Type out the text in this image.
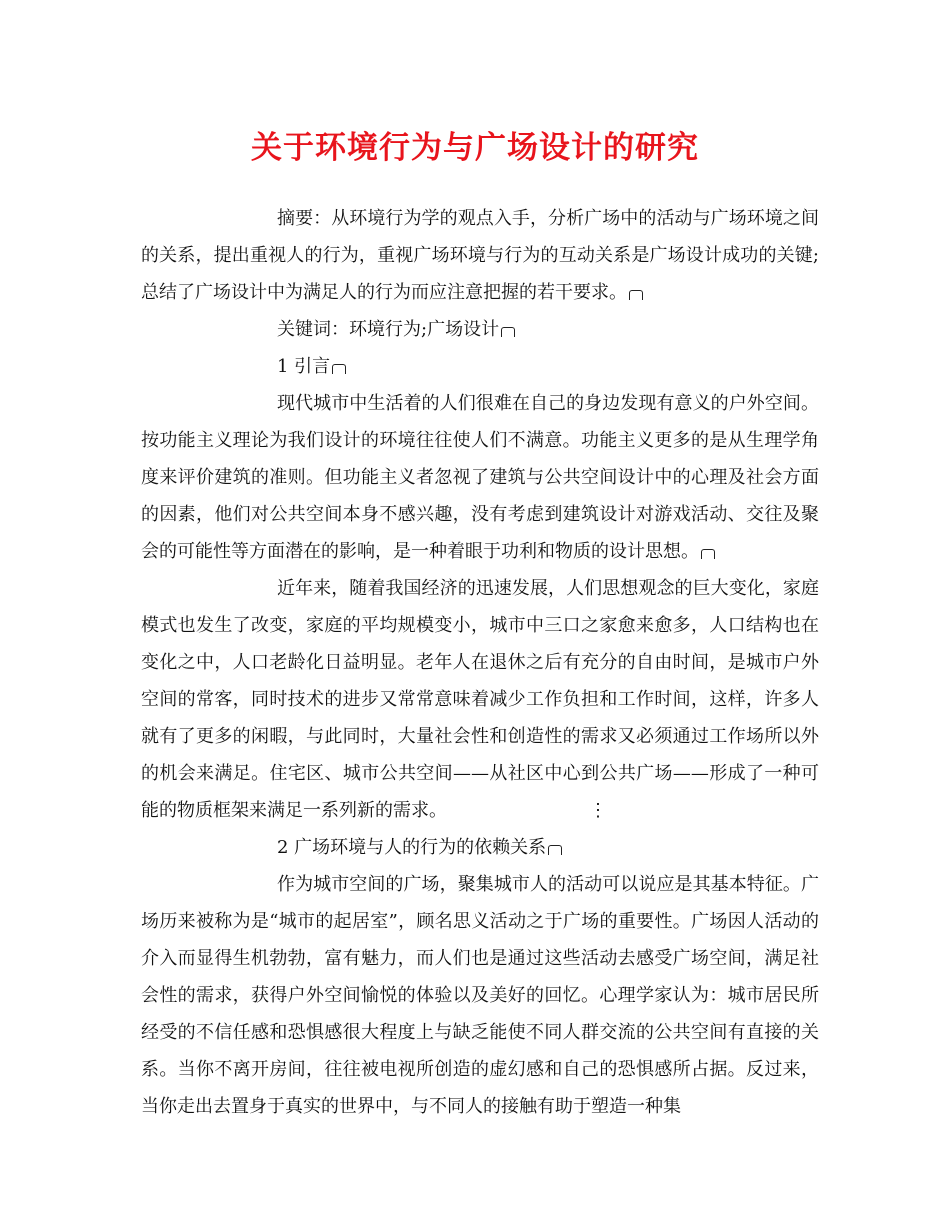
关于环境行为与广场设计的研究

摘要：从环境行为学的观点入手，分析广场中的活动与广场环境之间的关系，提出重视人的行为，重视广场环境与行为的互动关系是广场设计成功的关键;总结了广场设计中为满足人的行为而应注意把握的若干要求。

关键词：环境行为;广场设计

1 引言

现代城市中生活着的人们很难在自己的身边发现有意义的户外空间。按功能主义理论为我们设计的环境往往使人们不满意。功能主义更多的是从生理学角度来评价建筑的准则。但功能主义者忽视了建筑与公共空间设计中的心理及社会方面的因素，他们对公共空间本身不感兴趣，没有考虑到建筑设计对游戏活动、交往及聚会的可能性等方面潜在的影响，是一种着眼于功利和物质的设计思想。

近年来，随着我国经济的迅速发展，人们思想观念的巨大变化，家庭模式也发生了改变，家庭的平均规模变小，城市中三口之家愈来愈多，人口结构也在变化之中，人口老龄化日益明显。老年人在退休之后有充分的自由时间，是城市户外空间的常客，同时技术的进步又常常意味着减少工作负担和工作时间，这样，许多人就有了更多的闲暇，与此同时，大量社会性和创造性的需求又必须通过工作场所以外的机会来满足。住宅区、城市公共空间——从社区中心到公共广场——形成了一种可能的物质框架来满足一系列新的需求。	⋮

2 广场环境与人的行为的依赖关系

作为城市空间的广场，聚集城市人的活动可以说应是其基本特征。广场历来被称为是“城市的起居室”，顾名思义活动之于广场的重要性。广场因人活动的介入而显得生机勃勃，富有魅力，而人们也是通过这些活动去感受广场空间，满足社会性的需求，获得户外空间愉悦的体验以及美好的回忆。心理学家认为：城市居民所经受的不信任感和恐惧感很大程度上与缺乏能使不同人群交流的公共空间有直接的关系。当你不离开房间，往往被电视所创造的虚幻感和自己的恐惧感所占据。反过来，当你走出去置身于真实的世界中，与不同人的接触有助于塑造一种集
